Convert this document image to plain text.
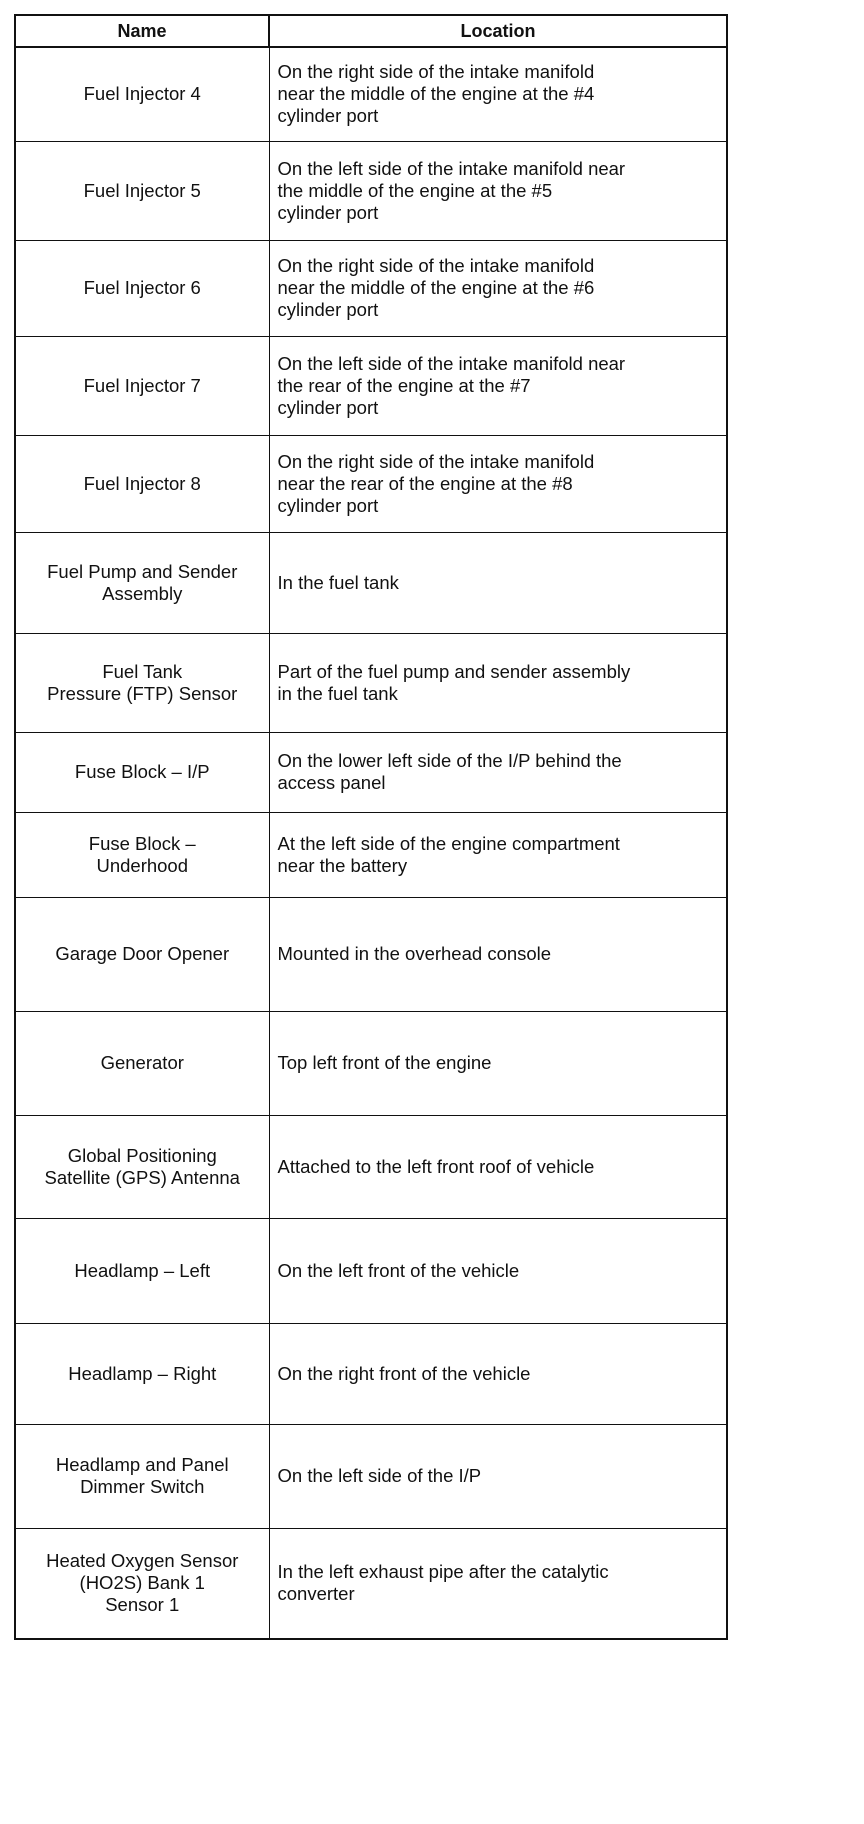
Name	Location

Fuel Injector 4	On the right side of the intake manifold
near the middle of the engine at the #4
cylinder port

Fuel Injector 5	On the left side of the intake manifold near
the middle of the engine at the #5
cylinder port

Fuel Injector 6	On the right side of the intake manifold
near the middle of the engine at the #6
cylinder port

Fuel Injector 7	On the left side of the intake manifold near
the rear of the engine at the #7
cylinder port

Fuel Injector 8	On the right side of the intake manifold
near the rear of the engine at the #8
cylinder port

Fuel Pump and Sender
Assembly	In the fuel tank

Fuel Tank
Pressure (FTP) Sensor	Part of the fuel pump and sender assembly
in the fuel tank

Fuse Block – I/P	On the lower left side of the I/P behind the
access panel

Fuse Block –
Underhood	At the left side of the engine compartment
near the battery

Garage Door Opener	Mounted in the overhead console

Generator	Top left front of the engine

Global Positioning
Satellite (GPS) Antenna	Attached to the left front roof of vehicle

Headlamp – Left	On the left front of the vehicle

Headlamp – Right	On the right front of the vehicle

Headlamp and Panel
Dimmer Switch	On the left side of the I/P

Heated Oxygen Sensor
(HO2S) Bank 1
Sensor 1	In the left exhaust pipe after the catalytic
converter
